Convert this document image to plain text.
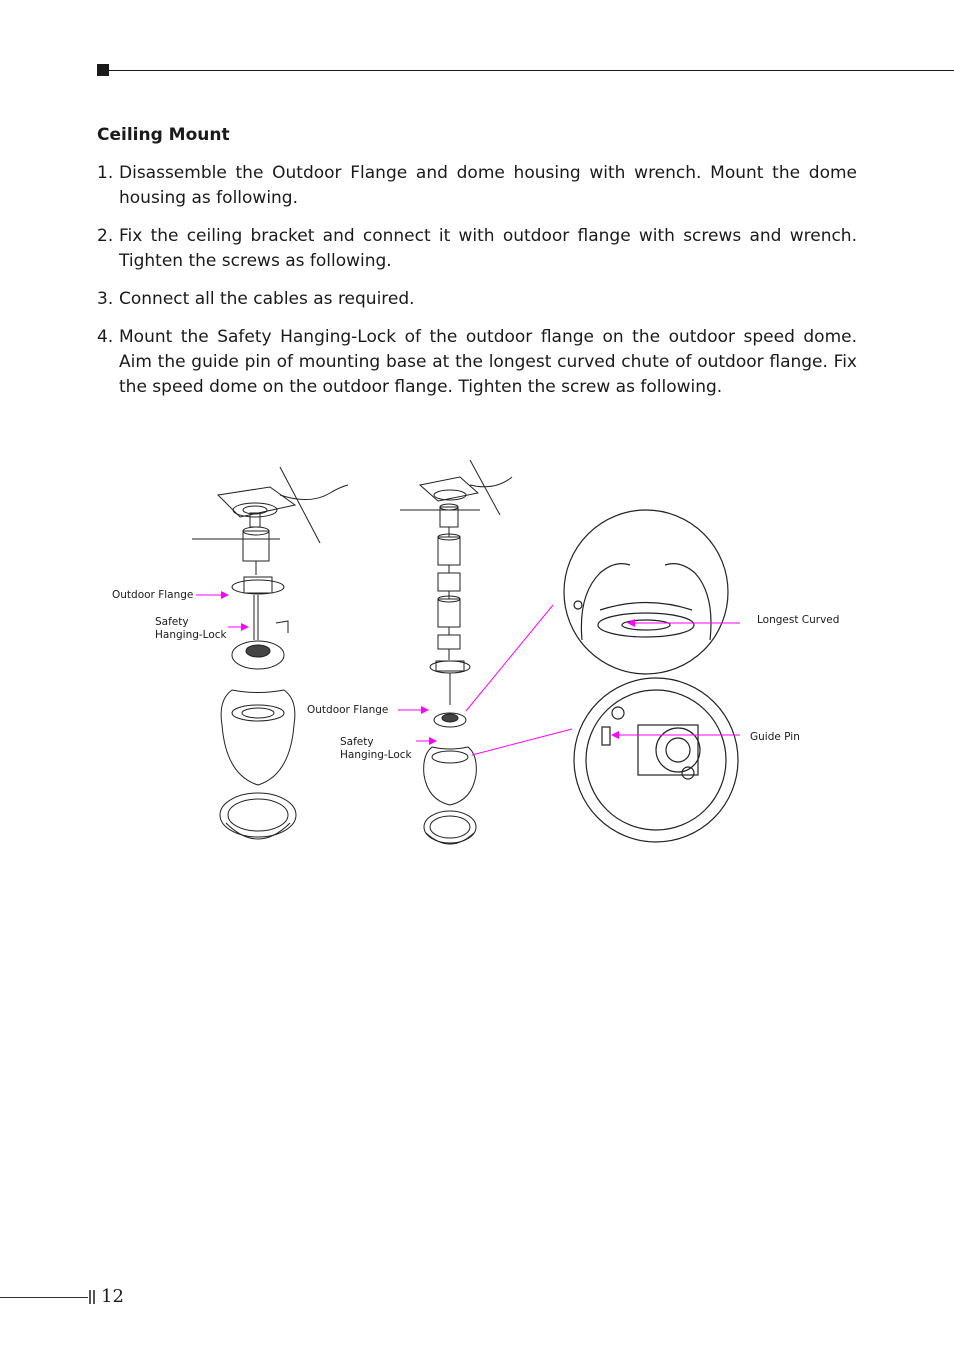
Ceiling Mount
1. Disassemble the Outdoor Flange and dome housing with wrench. Mount the dome housing as following.
2. Fix the ceiling bracket and connect it with outdoor flange with screws and wrench. Tighten the screws as following.
3. Connect all the cables as required.
4. Mount the Safety Hanging-Lock of the outdoor flange on the outdoor speed dome. Aim the guide pin of mounting base at the longest curved chute of outdoor flange. Fix the speed dome on the outdoor flange. Tighten the screw as following.
Outdoor Flange
Safety
Hanging-Lock
Outdoor Flange
Safety
Hanging-Lock
Longest Curved
Guide Pin
12
